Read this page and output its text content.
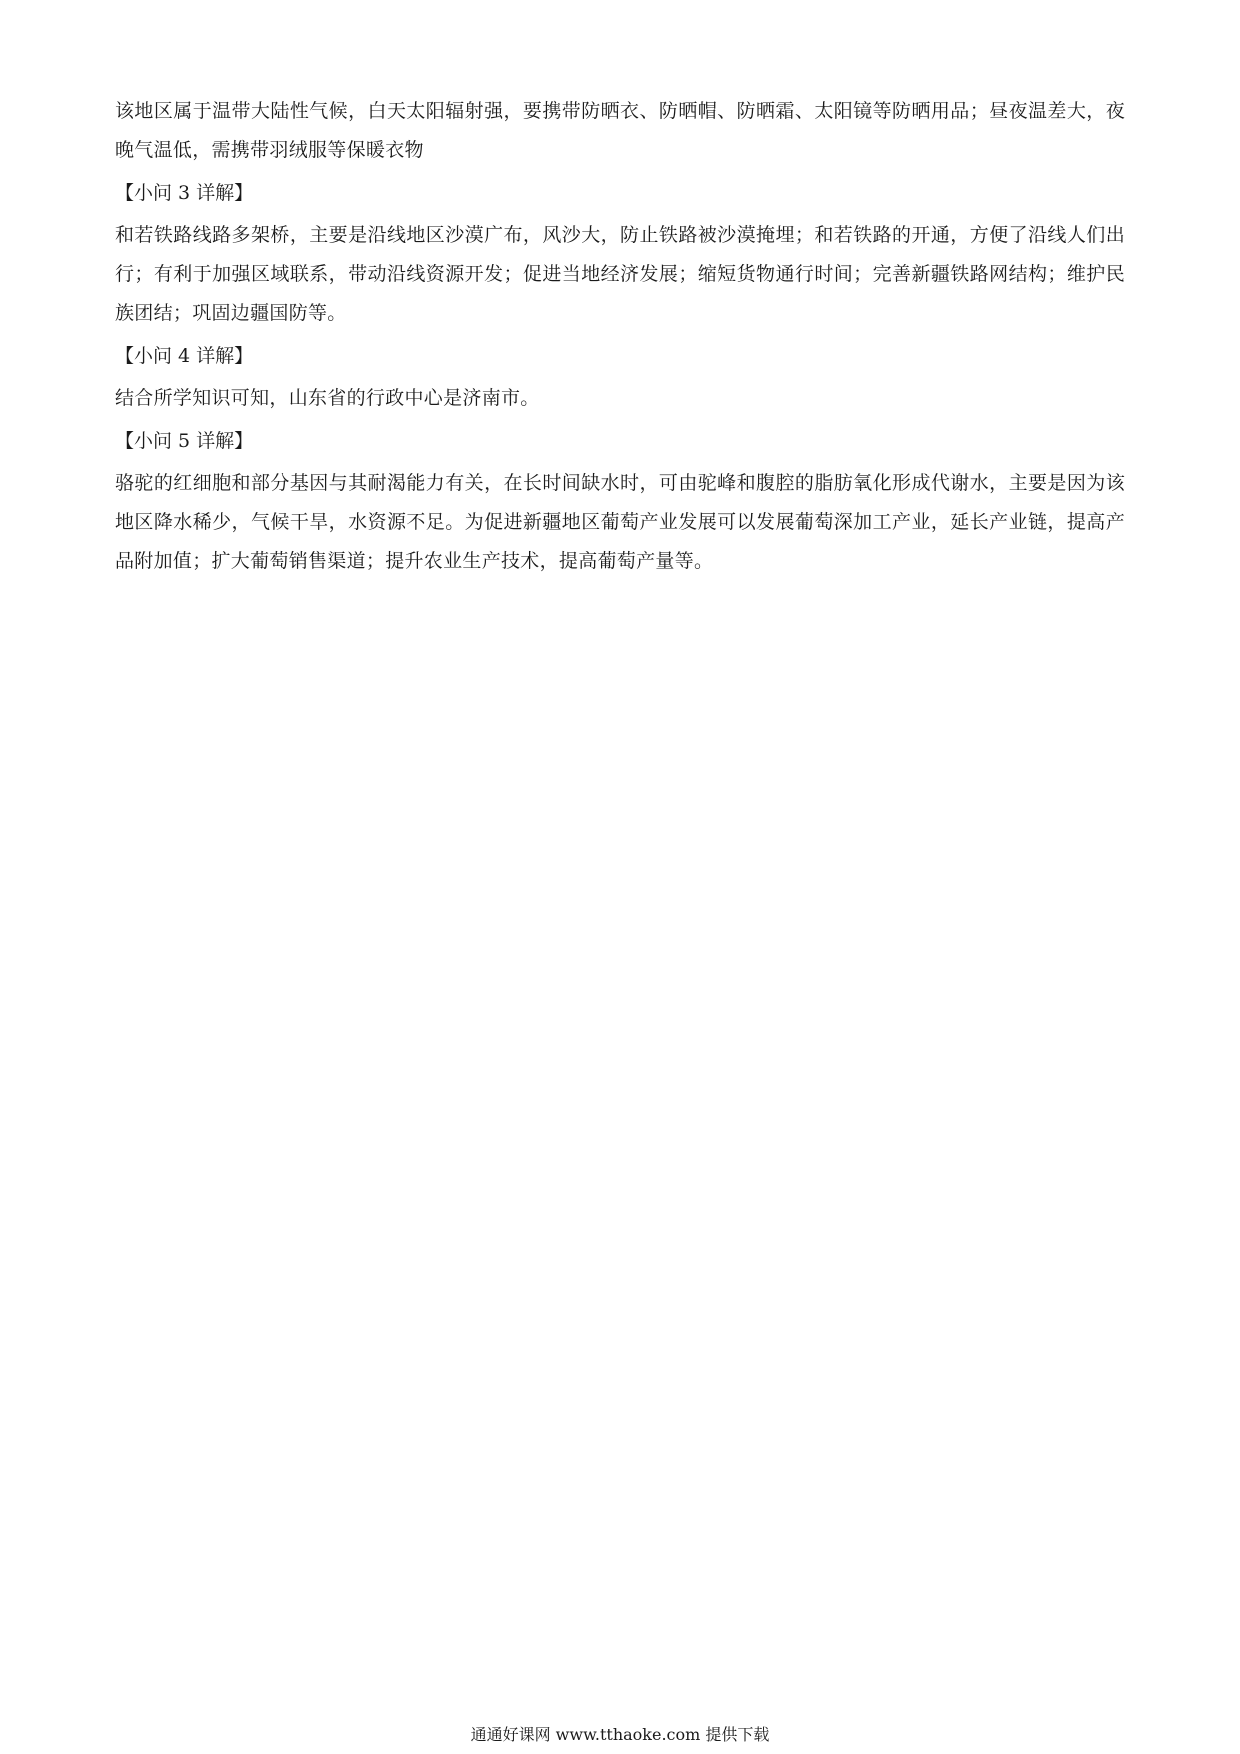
该地区属于温带大陆性气候，白天太阳辐射强，要携带防晒衣、防晒帽、防晒霜、太阳镜等防晒用品；昼夜温差大，夜晚气温低，需携带羽绒服等保暖衣物

【小问 3 详解】

和若铁路线路多架桥，主要是沿线地区沙漠广布，风沙大，防止铁路被沙漠掩埋；和若铁路的开通，方便了沿线人们出行；有利于加强区域联系，带动沿线资源开发；促进当地经济发展；缩短货物通行时间；完善新疆铁路网结构；维护民族团结；巩固边疆国防等。

【小问 4 详解】

结合所学知识可知，山东省的行政中心是济南市。

【小问 5 详解】

骆驼的红细胞和部分基因与其耐渴能力有关，在长时间缺水时，可由驼峰和腹腔的脂肪氧化形成代谢水，主要是因为该地区降水稀少，气候干旱，水资源不足。为促进新疆地区葡萄产业发展可以发展葡萄深加工产业，延长产业链，提高产品附加值；扩大葡萄销售渠道；提升农业生产技术，提高葡萄产量等。

通通好课网 www.tthaoke.com 提供下载
